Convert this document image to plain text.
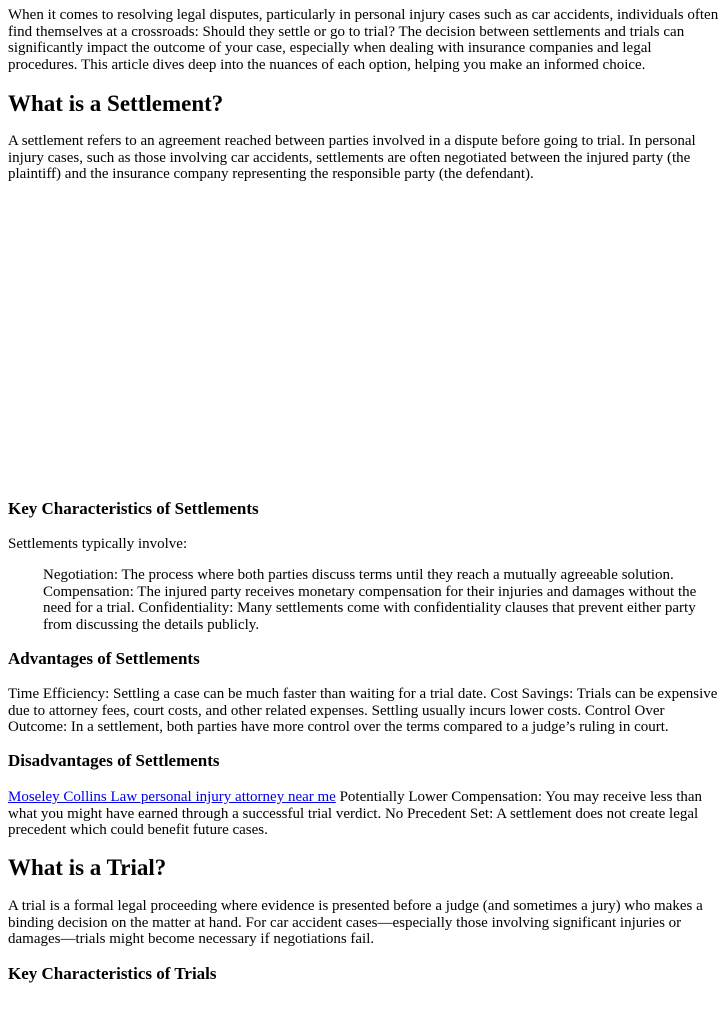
When it comes to resolving legal disputes, particularly in personal injury cases such as car accidents, individuals often find themselves at a crossroads: Should they settle or go to trial? The decision between settlements and trials can significantly impact the outcome of your case, especially when dealing with insurance companies and legal procedures. This article dives deep into the nuances of each option, helping you make an informed choice.

What is a Settlement?

A settlement refers to an agreement reached between parties involved in a dispute before going to trial. In personal injury cases, such as those involving car accidents, settlements are often negotiated between the injured party (the plaintiff) and the insurance company representing the responsible party (the defendant).

Key Characteristics of Settlements

Settlements typically involve:

Negotiation: The process where both parties discuss terms until they reach a mutually agreeable solution. Compensation: The injured party receives monetary compensation for their injuries and damages without the need for a trial. Confidentiality: Many settlements come with confidentiality clauses that prevent either party from discussing the details publicly.

Advantages of Settlements

Time Efficiency: Settling a case can be much faster than waiting for a trial date. Cost Savings: Trials can be expensive due to attorney fees, court costs, and other related expenses. Settling usually incurs lower costs. Control Over Outcome: In a settlement, both parties have more control over the terms compared to a judge’s ruling in court.

Disadvantages of Settlements

Moseley Collins Law personal injury attorney near me Potentially Lower Compensation: You may receive less than what you might have earned through a successful trial verdict. No Precedent Set: A settlement does not create legal precedent which could benefit future cases.

What is a Trial?

A trial is a formal legal proceeding where evidence is presented before a judge (and sometimes a jury) who makes a binding decision on the matter at hand. For car accident cases—especially those involving significant injuries or damages—trials might become necessary if negotiations fail.

Key Characteristics of Trials
